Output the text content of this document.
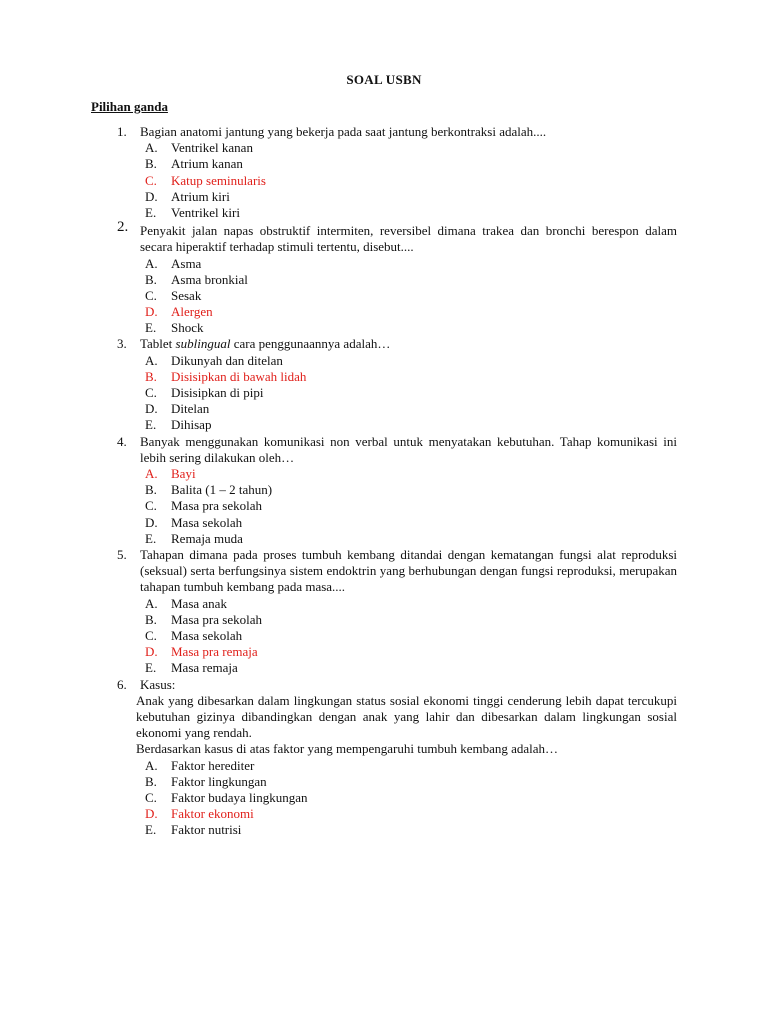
SOAL USBN
Pilihan ganda
1. Bagian anatomi jantung yang bekerja pada saat jantung berkontraksi adalah....
A. Ventrikel kanan
B. Atrium kanan
C. Katup seminularis
D. Atrium kiri
E. Ventrikel kiri
2. Penyakit jalan napas obstruktif intermiten, reversibel dimana trakea dan bronchi berespon dalam secara hiperaktif terhadap stimuli tertentu, disebut....
A. Asma
B. Asma bronkial
C. Sesak
D. Alergen
E. Shock
3. Tablet sublingual cara penggunaannya adalah…
A. Dikunyah dan ditelan
B. Disisipkan di bawah lidah
C. Disisipkan di pipi
D. Ditelan
E. Dihisap
4. Banyak menggunakan komunikasi non verbal untuk menyatakan kebutuhan. Tahap komunikasi ini lebih sering dilakukan oleh…
A. Bayi
B. Balita (1 – 2 tahun)
C. Masa pra sekolah
D. Masa sekolah
E. Remaja muda
5. Tahapan dimana pada proses tumbuh kembang ditandai dengan kematangan fungsi alat reproduksi (seksual) serta berfungsinya sistem endoktrin yang berhubungan dengan fungsi reproduksi, merupakan tahapan tumbuh kembang pada masa....
A. Masa anak
B. Masa pra sekolah
C. Masa sekolah
D. Masa pra remaja
E. Masa remaja
6. Kasus:
Anak yang dibesarkan dalam lingkungan status sosial ekonomi tinggi cenderung lebih dapat tercukupi kebutuhan gizinya dibandingkan dengan anak yang lahir dan dibesarkan dalam lingkungan sosial ekonomi yang rendah.
Berdasarkan kasus di atas faktor yang mempengaruhi tumbuh kembang adalah…
A. Faktor herediter
B. Faktor lingkungan
C. Faktor budaya lingkungan
D. Faktor ekonomi
E. Faktor nutrisi
